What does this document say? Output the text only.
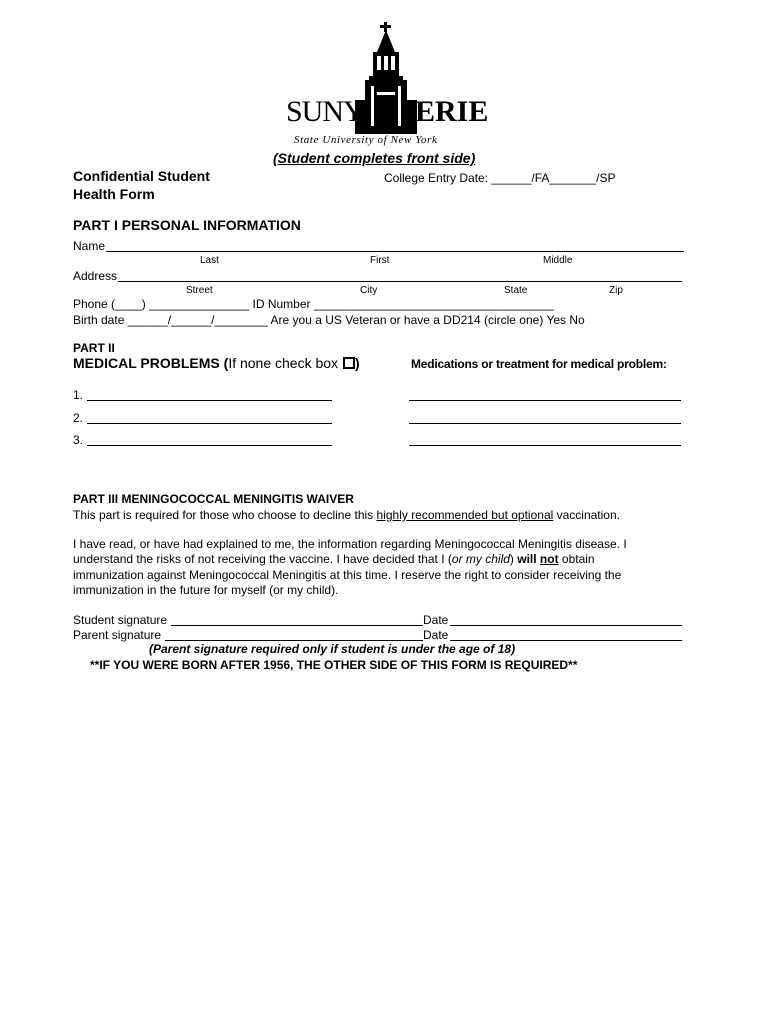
SUNY ERIE
State University of New York
(Student completes front side)
Confidential Student
Health Form
College Entry Date: ______/FA_______/SP
PART I PERSONAL INFORMATION
Name
Last	First	Middle
Address
Street	City	State	Zip
Phone (____) _______________ ID Number ____________________________________
Birth date ______/______/________ Are you a US Veteran or have a DD214 (circle one) Yes No
PART II
MEDICAL PROBLEMS (If none check box )	Medications or treatment for medical problem:
1.
2.
3.
PART III MENINGOCOCCAL MENINGITIS WAIVER
This part is required for those who choose to decline this highly recommended but optional vaccination.
I have read, or have had explained to me, the information regarding Meningococcal Meningitis disease. I
understand the risks of not receiving the vaccine. I have decided that I (or my child) will not obtain
immunization against Meningococcal Meningitis at this time. I reserve the right to consider receiving the
immunization in the future for myself (or my child).
Student signature	Date
Parent signature	Date
(Parent signature required only if student is under the age of 18)
**IF YOU WERE BORN AFTER 1956, THE OTHER SIDE OF THIS FORM IS REQUIRED**
